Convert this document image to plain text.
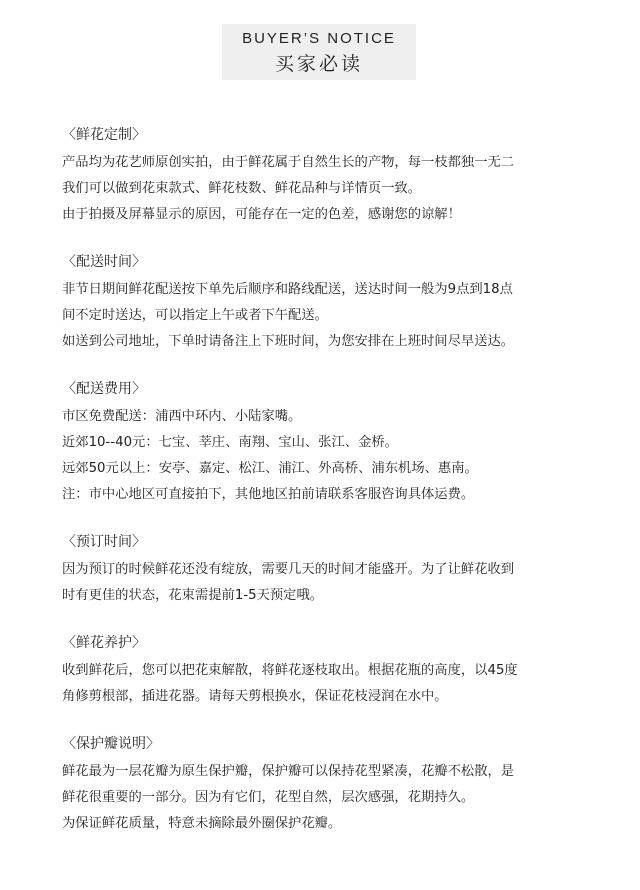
BUYER’S NOTICE
买家必读
〈鲜花定制〉
产品均为花艺师原创实拍，由于鲜花属于自然生长的产物，每一枝都独一无二
我们可以做到花束款式、鲜花枝数、鲜花品种与详情页一致。
由于拍摄及屏幕显示的原因，可能存在一定的色差，感谢您的谅解！
〈配送时间〉
非节日期间鲜花配送按下单先后顺序和路线配送，送达时间一般为9点到18点
间不定时送达，可以指定上午或者下午配送。
如送到公司地址，下单时请备注上下班时间，为您安排在上班时间尽早送达。
〈配送费用〉
市区免费配送：浦西中环内、小陆家嘴。
近郊10--40元：七宝、莘庄、南翔、宝山、张江、金桥。
远郊50元以上：安亭、嘉定、松江、浦江、外高桥、浦东机场、惠南。
注：市中心地区可直接拍下，其他地区拍前请联系客服咨询具体运费。
〈预订时间〉
因为预订的时候鲜花还没有绽放，需要几天的时间才能盛开。为了让鲜花收到
时有更佳的状态，花束需提前1-5天预定哦。
〈鲜花养护〉
收到鲜花后，您可以把花束解散，将鲜花逐枝取出。根据花瓶的高度，以45度
角修剪根部，插进花器。请每天剪根换水，保证花枝浸润在水中。
〈保护瓣说明〉
鲜花最为一层花瓣为原生保护瓣，保护瓣可以保持花型紧凑，花瓣不松散，是
鲜花很重要的一部分。因为有它们，花型自然，层次感强，花期持久。
为保证鲜花质量，特意未摘除最外圈保护花瓣。
